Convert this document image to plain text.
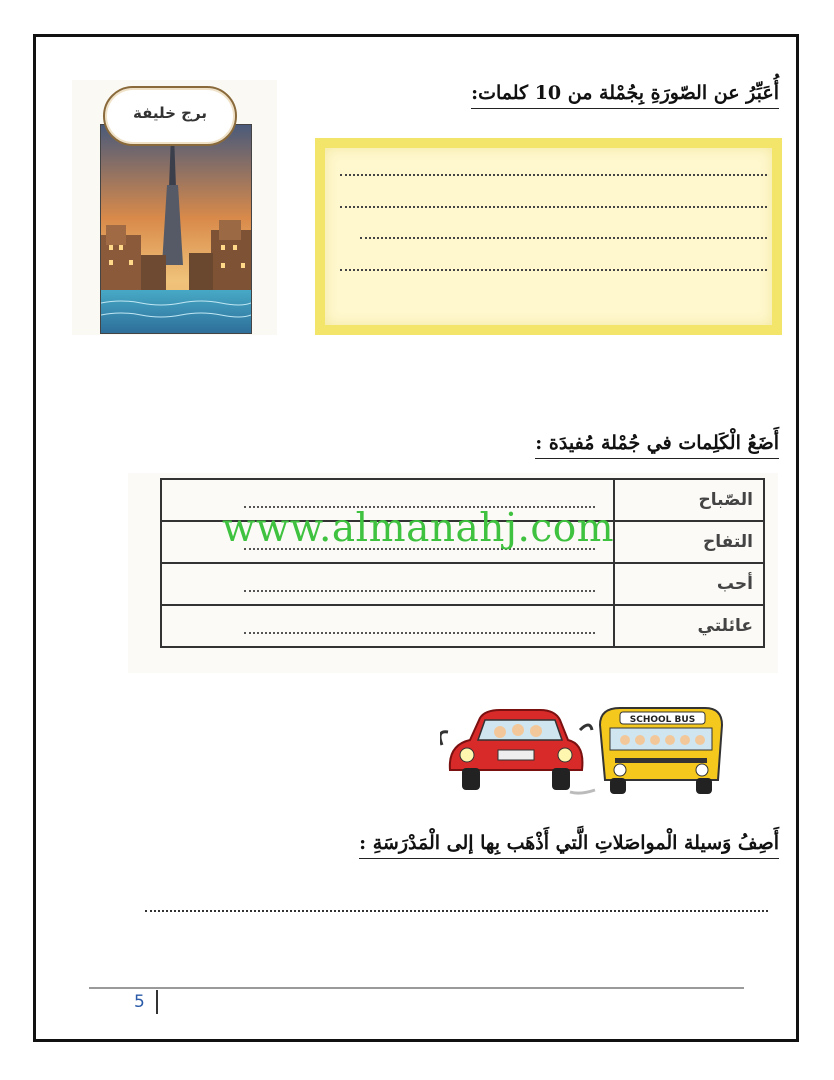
أُعَبِّرُ عن الصّورَةِ بِجُمْلة من 10 كلمات:
برج خليفة
أَضَعُ الْكَلِمات في جُمْلة مُفيدَة :
	الصّباح

	التفاح

	أحب

	عائلتي
www.almanahj.com
SCHOOL BUS
أَصِفُ وَسيلة الْمواصَلاتِ الَّتي أَذْهَب بِها إلى الْمَدْرَسَةِ :
5
